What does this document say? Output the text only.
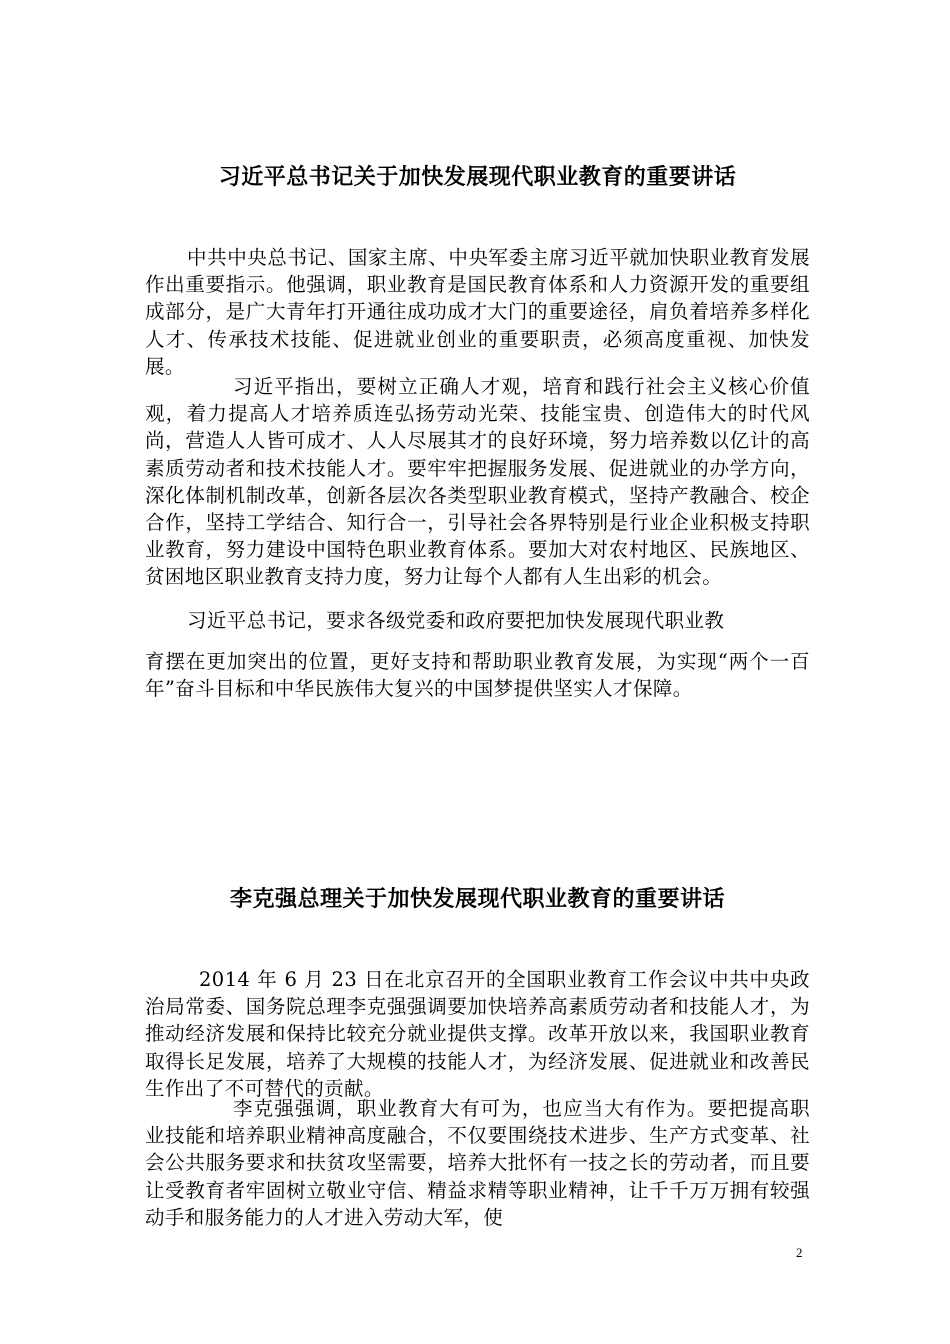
习近平总书记关于加快发展现代职业教育的重要讲话

中共中央总书记、国家主席、中央军委主席习近平就加快职业教育发展作出重要指示。他强调，职业教育是国民教育体系和人力资源开发的重要组成部分，是广大青年打开通往成功成才大门的重要途径，肩负着培养多样化人才、传承技术技能、促进就业创业的重要职责，必须高度重视、加快发展。

习近平指出，要树立正确人才观，培育和践行社会主义核心价值观，着力提高人才培养质连弘扬劳动光荣、技能宝贵、创造伟大的时代风尚，营造人人皆可成才、人人尽展其才的良好环境，努力培养数以亿计的高素质劳动者和技术技能人才。要牢牢把握服务发展、促进就业的办学方向，深化体制机制改革，创新各层次各类型职业教育模式，坚持产教融合、校企合作，坚持工学结合、知行合一，引导社会各界特别是行业企业积极支持职业教育，努力建设中国特色职业教育体系。要加大对农村地区、民族地区、贫困地区职业教育支持力度，努力让每个人都有人生出彩的机会。

习近平总书记，要求各级党委和政府要把加快发展现代职业教

育摆在更加突出的位置，更好支持和帮助职业教育发展，为实现“两个一百年”奋斗目标和中华民族伟大复兴的中国梦提供坚实人才保障。

李克强总理关于加快发展现代职业教育的重要讲话

2014 年 6 月 23 日在北京召开的全国职业教育工作会议中共中央政治局常委、国务院总理李克强强调要加快培养高素质劳动者和技能人才，为推动经济发展和保持比较充分就业提供支撑。改革开放以来，我国职业教育取得长足发展，培养了大规模的技能人才，为经济发展、促进就业和改善民生作出了不可替代的贡献。

李克强强调，职业教育大有可为，也应当大有作为。要把提高职业技能和培养职业精神高度融合，不仅要围绕技术进步、生产方式变革、社会公共服务要求和扶贫攻坚需要，培养大批怀有一技之长的劳动者，而且要让受教育者牢固树立敬业守信、精益求精等职业精神，让千千万万拥有较强动手和服务能力的人才进入劳动大军，使

2
